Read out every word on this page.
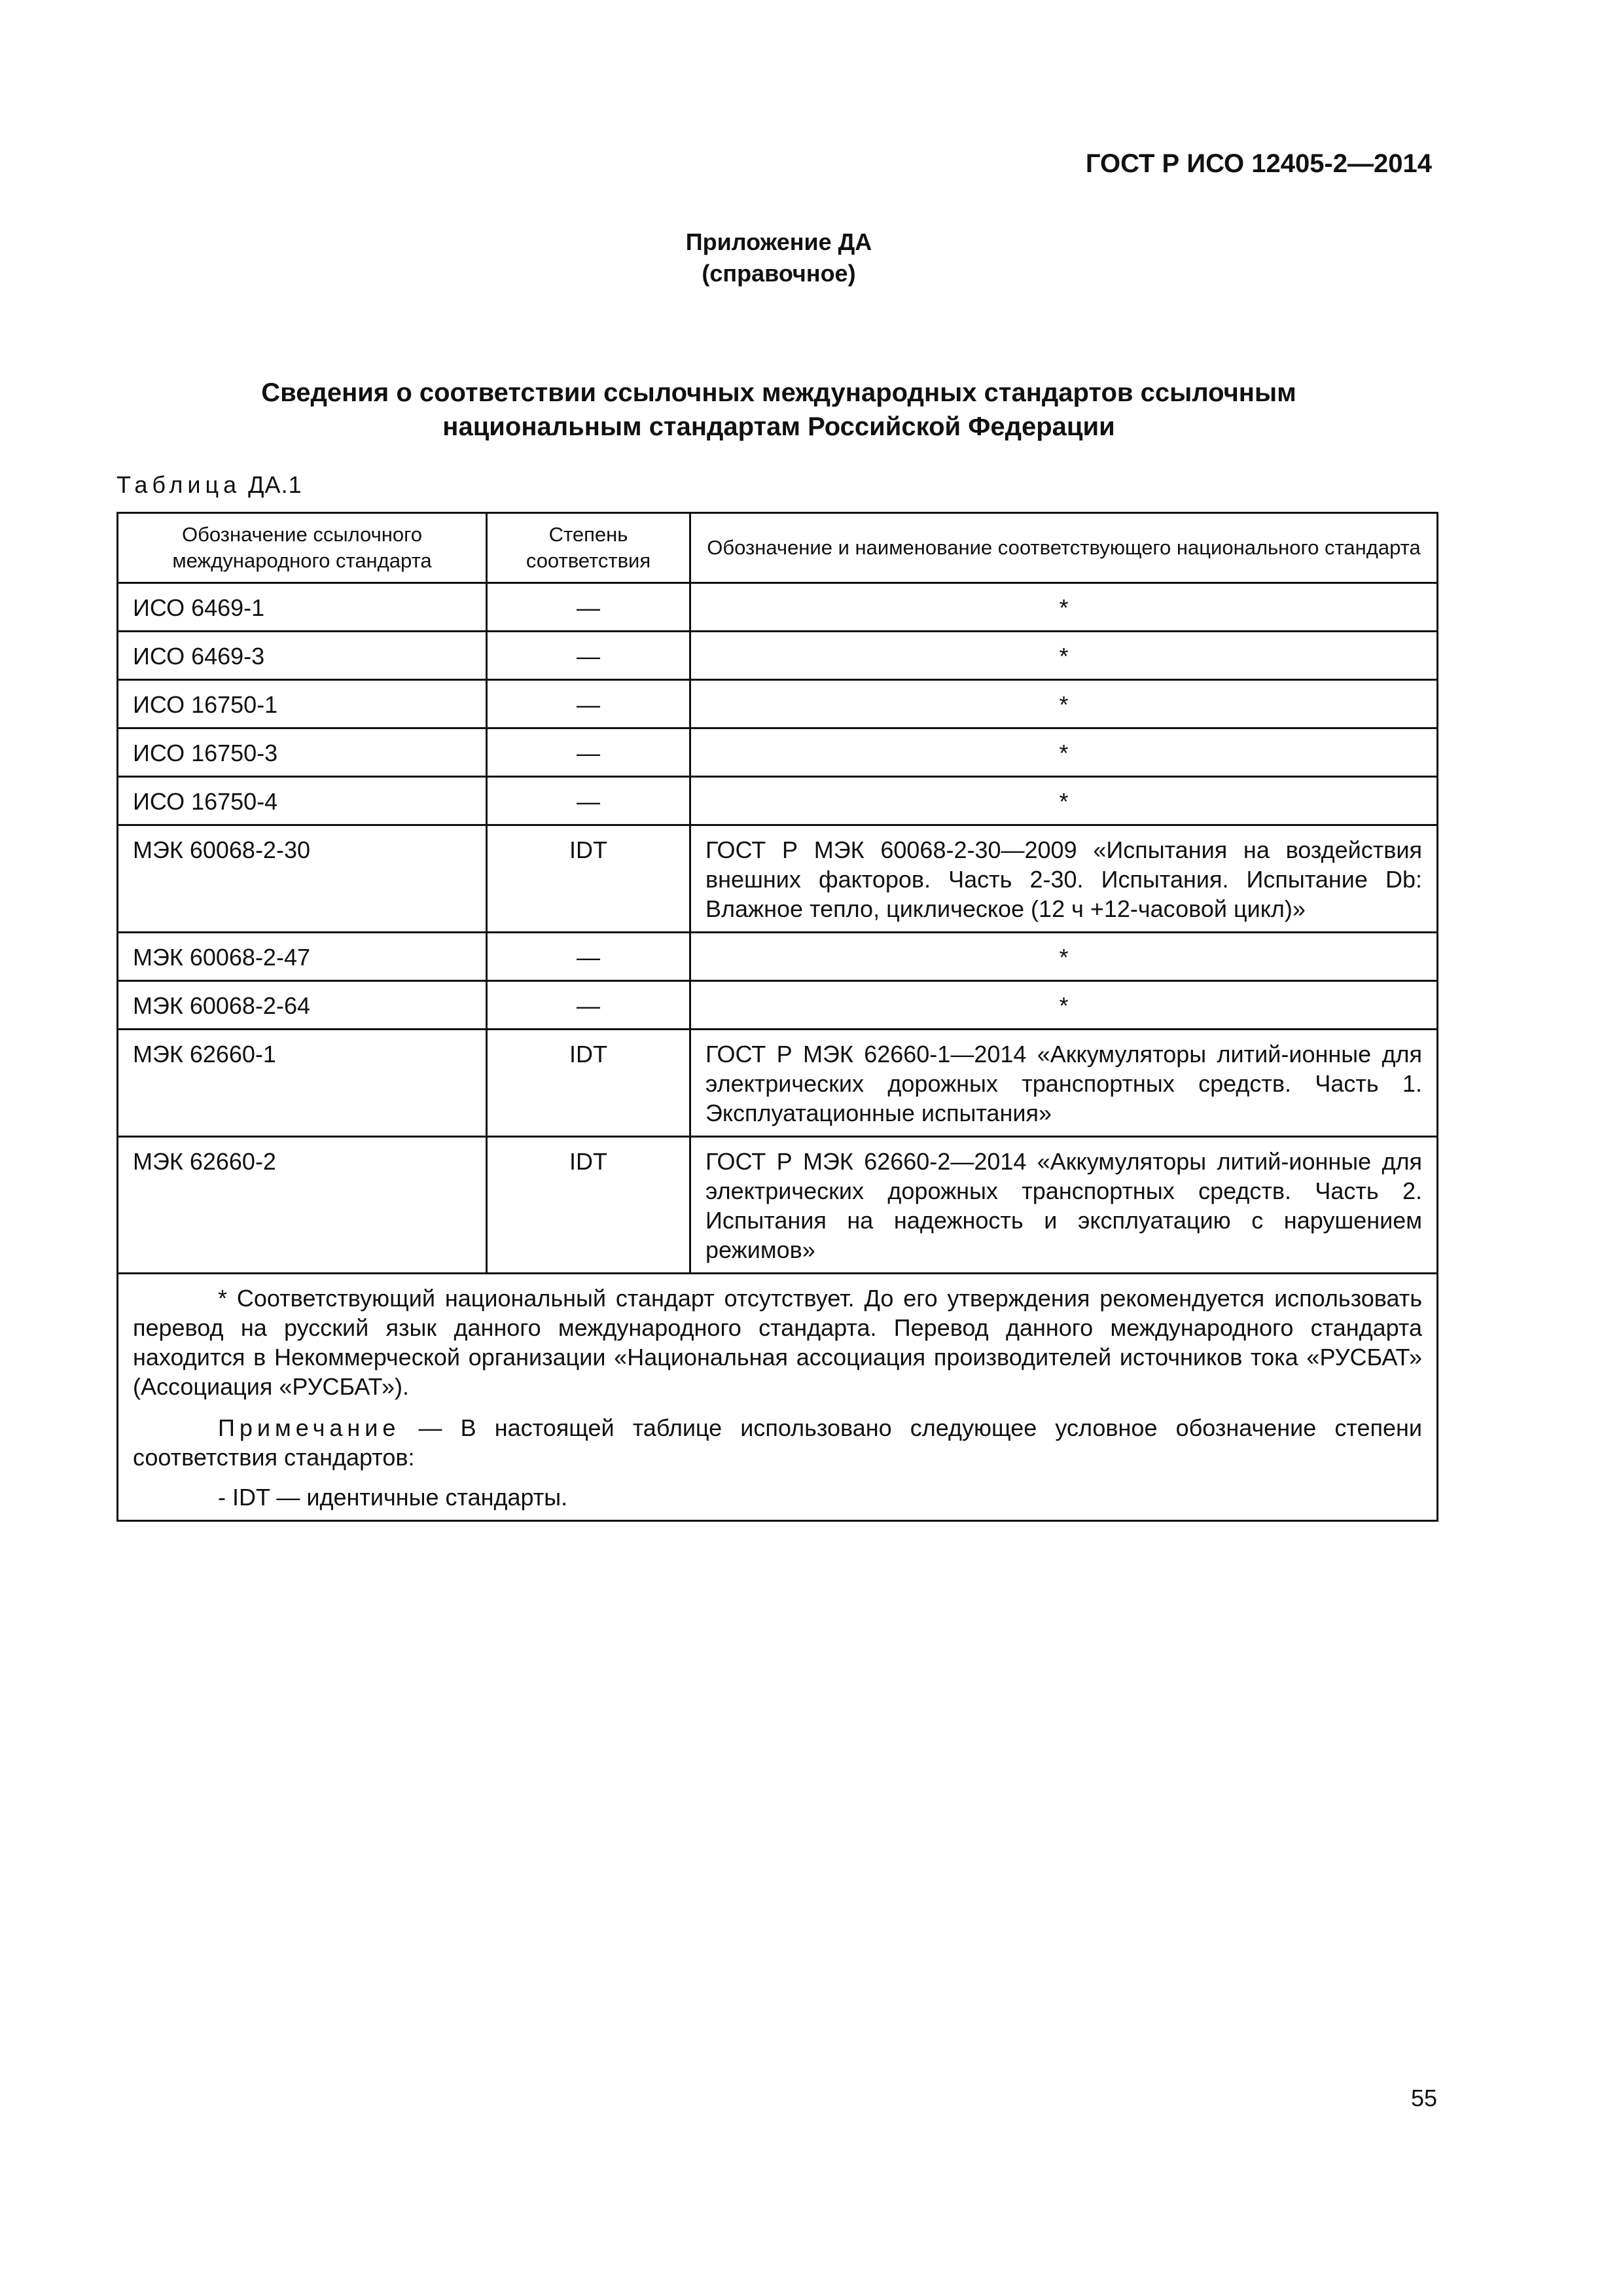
ГОСТ Р ИСО 12405-2—2014
Приложение ДА
(справочное)
Сведения о соответствии ссылочных международных стандартов ссылочным
национальным стандартам Российской Федерации
Таблица ДА.1
Обозначение ссылочного международного стандарта	Степень соответствия	Обозначение и наименование соответствующего национального стандарта
ИСО 6469-1	—	*
ИСО 6469-3	—	*
ИСО 16750-1	—	*
ИСО 16750-3	—	*
ИСО 16750-4	—	*
МЭК 60068-2-30	IDT	ГОСТ Р МЭК 60068-2-30—2009 «Испытания на воздействия внешних факторов. Часть 2-30. Испытания. Испытание Db: Влажное тепло, циклическое (12 ч +12-часовой цикл)»
МЭК 60068-2-47	—	*
МЭК 60068-2-64	—	*
МЭК 62660-1	IDT	ГОСТ Р МЭК 62660-1—2014 «Аккумуляторы литий-ионные для электрических дорожных транспортных средств. Часть 1. Эксплуатационные испытания»
МЭК 62660-2	IDT	ГОСТ Р МЭК 62660-2—2014 «Аккумуляторы литий-ионные для электрических дорожных транспортных средств. Часть 2. Испытания на надежность и эксплуатацию с нарушением режимов»

* Соответствующий национальный стандарт отсутствует. До его утверждения рекомендуется использовать перевод на русский язык данного международного стандарта. Перевод данного международного стандарта находится в Некоммерческой организации «Национальная ассоциация производителей источников тока «РУСБАТ» (Ассоциация «РУСБАТ»).

Примечание — В настоящей таблице использовано следующее условное обозначение степени соответствия стандартов:

- IDT — идентичные стандарты.		

55
